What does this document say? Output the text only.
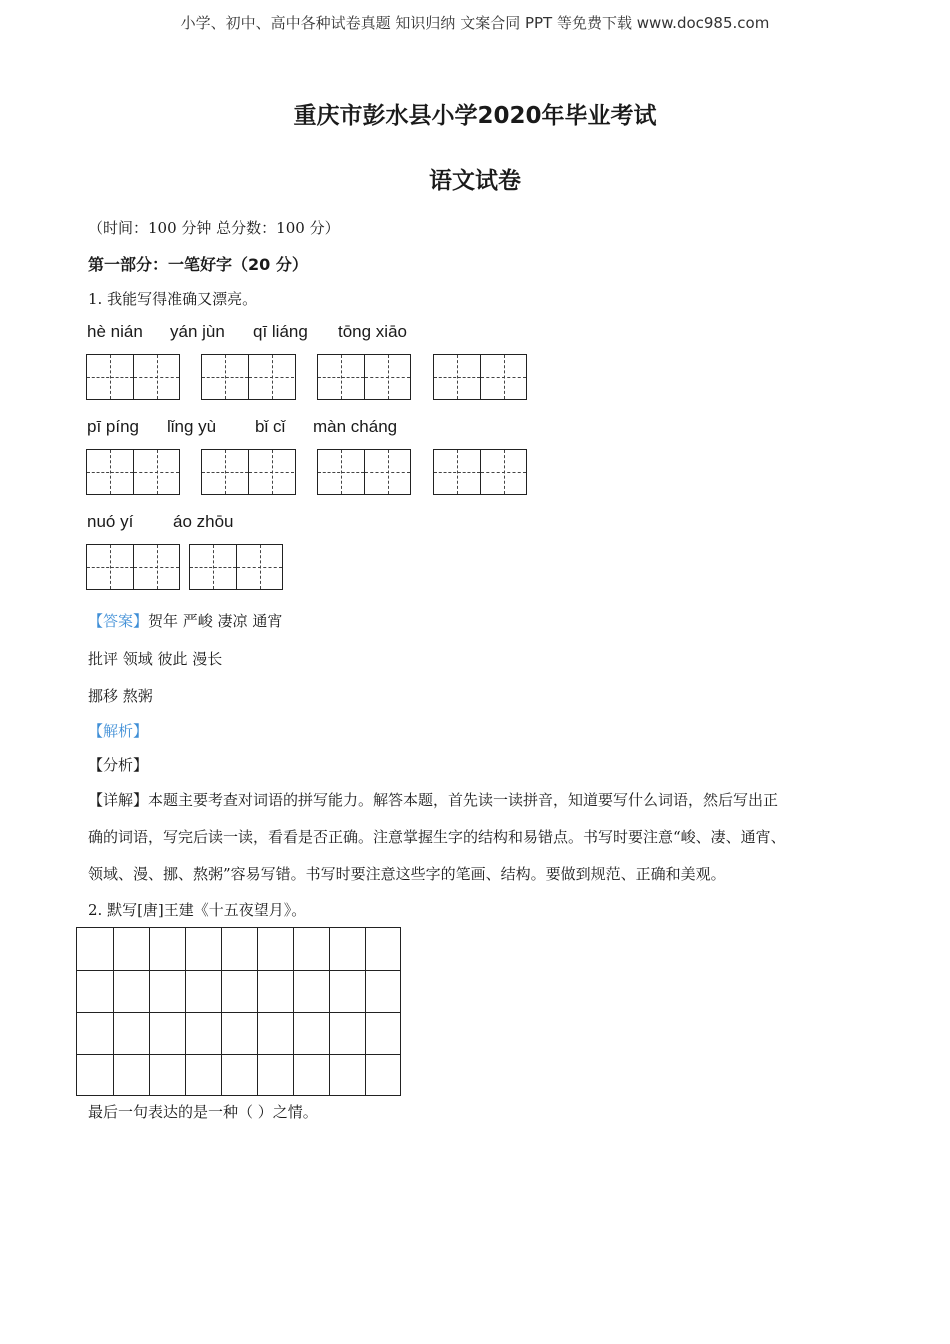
小学、初中、高中各种试卷真题 知识归纳 文案合同 PPT 等免费下载 www.doc985.com
重庆市彭水县小学2020年毕业考试
语文试卷
（时间：100 分钟 总分数：100 分）
第一部分：一笔好字（20 分）
1. 我能写得准确又漂亮。
hè nián yán jùn qī liáng tōng xiāo
pī píng lǐng yù bǐ cǐ màn cháng
nuó yí áo zhōu
【答案】贺年 严峻 凄凉 通宵
批评 领域 彼此 漫长
挪移 熬粥
【解析】
【分析】
【详解】本题主要考查对词语的拼写能力。解答本题，首先读一读拼音，知道要写什么词语，然后写出正
确的词语，写完后读一读，看看是否正确。注意掌握生字的结构和易错点。书写时要注意“峻、凄、通宵、
领域、漫、挪、熬粥”容易写错。书写时要注意这些字的笔画、结构。要做到规范、正确和美观。
2. 默写[唐]王建《十五夜望月》。
最后一句表达的是一种（ ）之情。
